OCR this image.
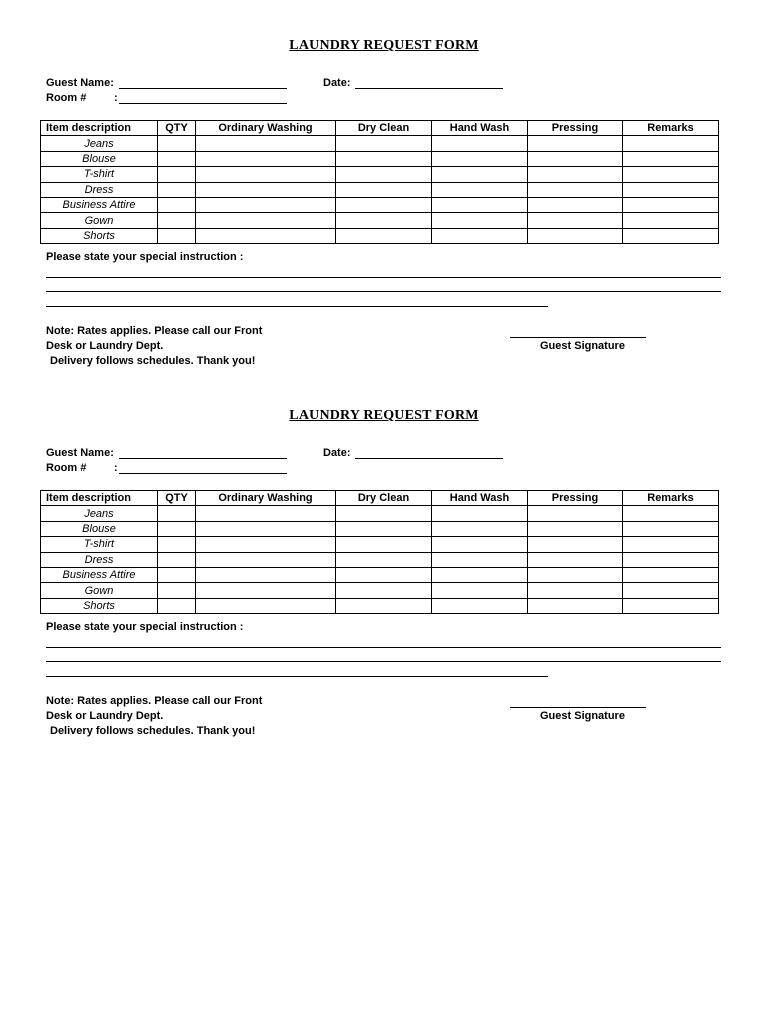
LAUNDRY REQUEST FORM
Guest Name:	Date:
Room #	:
Item description	QTY	Ordinary Washing	Dry Clean	Hand Wash	Pressing	Remarks
Jeans						
Blouse						
T-shirt						
Dress						
Business Attire						
Gown						
Shorts						
Please state your special instruction :
Note: Rates applies. Please call our Front
Desk or Laundry Dept.
Delivery follows schedules. Thank you!
Guest Signature
LAUNDRY REQUEST FORM
Guest Name:	Date:
Room #	:
Item description	QTY	Ordinary Washing	Dry Clean	Hand Wash	Pressing	Remarks
Jeans						
Blouse						
T-shirt						
Dress						
Business Attire						
Gown						
Shorts						
Please state your special instruction :
Note: Rates applies. Please call our Front
Desk or Laundry Dept.
Delivery follows schedules. Thank you!
Guest Signature
